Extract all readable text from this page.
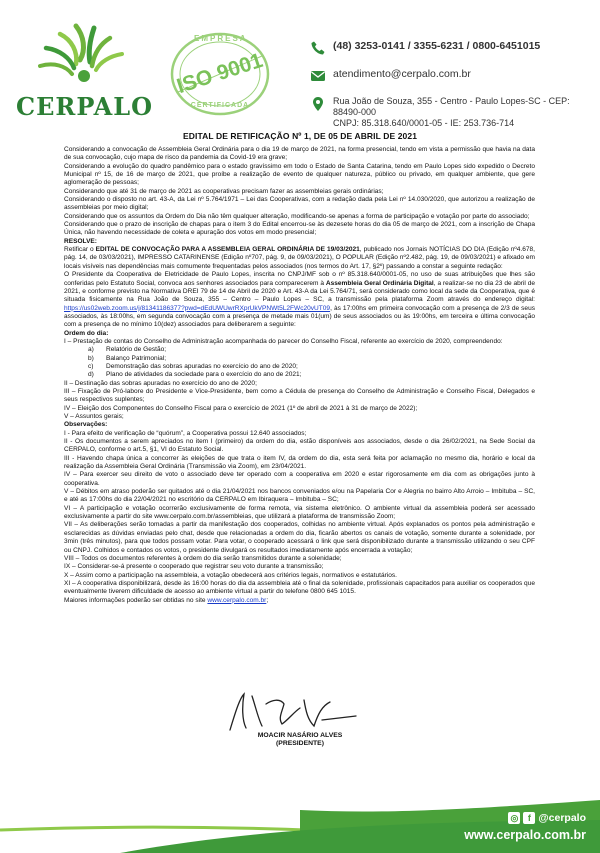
CERPALO
EMPRESA
ISO 9001
CERTIFICADA
(48) 3253-0141 / 3355-6231 / 0800-6451015
atendimento@cerpalo.com.br
Rua João de Souza, 355 - Centro - Paulo Lopes-SC - CEP: 88490-000
CNPJ: 85.318.640/0001-05 - IE: 253.736-714
EDITAL DE RETIFICAÇÃO Nº 1, DE 05 DE ABRIL DE 2021

Considerando a convocação de Assembleia Geral Ordinária para o dia 19 de março de 2021, na forma presencial, tendo em vista a permissão que havia na data de sua convocação, cujo mapa de risco da pandemia da Covid-19 era grave;

Considerando a evolução do quadro pandêmico para o estado gravíssimo em todo o Estado de Santa Catarina, tendo em Paulo Lopes sido expedido o Decreto Municipal nº 15, de 16 de março de 2021, que proíbe a realização de evento de qualquer natureza, público ou privado, em qualquer ambiente, que gere aglomeração de pessoas;

Considerando que até 31 de março de 2021 as cooperativas precisam fazer as assembleias gerais ordinárias;

Considerando o disposto no art. 43-A, da Lei nº 5.764/1971 – Lei das Cooperativas, com a redação dada pela Lei nº 14.030/2020, que autorizou a realização de assembleias por meio digital;

Considerando que os assuntos da Ordem do Dia não têm qualquer alteração, modificando-se apenas a forma de participação e votação por parte do associado;

Considerando que o prazo de inscrição de chapas para o item 3 do Edital encerrou-se às dezesete horas do dia 05 de março de 2021, com a inscrição de Chapa Única, não havendo necessidade de coleta e apuração dos votos em modo presencial;

RESOLVE:

Retificar o EDITAL DE CONVOCAÇÃO PARA A ASSEMBLEIA GERAL ORDINÁRIA DE 19/03/2021, publicado nos Jornais NOTÍCIAS DO DIA (Edição nº4.678, pág. 14, de 03/03/2021), IMPRESSO CATARINENSE (Edição nº707, pág. 9, de 09/03/2021), O POPULAR (Edição nº2.482, pág. 19, de 09/03/2021) e afixado em locais visíveis nas dependências mais comumente frequentadas pelos associados (nos termos do Art. 17, §2º) passando a constar a seguinte redação:

O Presidente da Cooperativa de Eletricidade de Paulo Lopes, inscrita no CNPJ/MF sob o nº 85.318.640/0001-05, no uso de suas atribuições que lhes são conferidas pelo Estatuto Social, convoca aos senhores associados para comparecerem à Assembleia Geral Ordinária Digital, a realizar-se no dia 23 de abril de 2021, e conforme previsto na Normativa DREI 79 de 14 de Abril de 2020 e Art. 43-A da Lei 5.764/71, será considerado como local da sede da Cooperativa, que é situada fisicamente na Rua João de Souza, 355 – Centro – Paulo Lopes – SC, a transmissão pela plataforma Zoom através do endereço digital: https://us02web.zoom.us/j/81341186377?pwd=dEdUWUwrRXprUkVPNWt5L2FWc20vUT09, às 17:00hs em primeira convocação com a presença de 2/3 de seus associados, às 18:00hs, em segunda convocação com a presença de metade mais 01(um) de seus associados ou às 19:00hs, em terceira e última convocação com a presença de no mínimo 10(dez) associados para deliberarem a seguinte:

Ordem do dia:

I – Prestação de contas do Conselho de Administração acompanhada do parecer do Conselho Fiscal, referente ao exercício de 2020, compreendendo:

a)	Relatório de Gestão;
b)	Balanço Patrimonial;
c)	Demonstração das sobras apuradas no exercício do ano de 2020;
d)	Plano de atividades da sociedade para o exercício do ano de 2021;

II – Destinação das sobras apuradas no exercício do ano de 2020;

III – Fixação de Pró-labore do Presidente e Vice-Presidente, bem como a Cédula de presença do Conselho de Administração e Conselho Fiscal, Delegados e seus respectivos suplentes;

IV – Eleição dos Componentes do Conselho Fiscal para o exercício de 2021 (1º de abril de 2021 à 31 de março de 2022);

V – Assuntos gerais;

Observações:

I - Para efeito de verificação de “quórum”, a Cooperativa possui 12.640 associados;

II - Os documentos a serem apreciados no item I (primeiro) da ordem do dia, estão disponíveis aos associados, desde o dia 26/02/2021, na Sede Social da CERPALO, conforme o art.5, §1, VI do Estatuto Social.

III - Havendo chapa única a concorrer às eleições de que trata o item IV, da ordem do dia, esta será feita por aclamação no mesmo dia, horário e local da realização da Assembleia Geral Ordinária (Transmissão via Zoom), em 23/04/2021.

IV – Para exercer seu direito de voto o associado deve ter operado com a cooperativa em 2020 e estar rigorosamente em dia com as obrigações junto à cooperativa.

V – Débitos em atraso poderão ser quitados até o dia 21/04/2021 nos bancos conveniados e/ou na Papelaria Cor e Alegria no bairro Alto Arroio – Imbituba – SC, e até as 17:00hs do dia 22/04/2021 no escritório da CERPALO em Ibiraquera – Imbituba – SC;

VI – A participação e votação ocorrerão exclusivamente de forma remota, via sistema eletrônico. O ambiente virtual da assembleia poderá ser acessado exclusivamente a partir do site www.cerpalo.com.br/assembleias, que utilizará a plataforma de transmissão Zoom;

VII – As deliberações serão tomadas a partir da manifestação dos cooperados, colhidas no ambiente virtual. Após explanados os pontos pela administração e esclarecidas as dúvidas enviadas pelo chat, desde que relacionadas a ordem do dia, ficarão abertos os canais de votação, somente durante a solenidade, por 3min (três minutos), para que todos possam votar. Para votar, o cooperado acessará o link que será disponibilizado durante a transmissão utilizando o seu CPF ou CNPJ. Colhidos e contados os votos, o presidente divulgará os resultados imediatamente após encerrada a votação;

VIII – Todos os documentos referentes à ordem do dia serão transmitidos durante a solenidade;

IX – Considerar-se-á presente o cooperado que registrar seu voto durante a transmissão;

X – Assim como a participação na assembleia, a votação obedecerá aos critérios legais, normativos e estatutários.

XI – A cooperativa disponibilizará, desde às 16:00 horas do dia da assembleia até o final da solenidade, profissionais capacitados para auxiliar os cooperados que eventualmente tiverem dificuldade de acesso ao ambiente virtual a partir do telefone 0800 645 1015.

Maiores informações poderão ser obtidas no site www.cerpalo.com.br;

MOACIR NASÁRIO ALVES
(PRESIDENTE)
◎	f @cerpalo
www.cerpalo.com.br
